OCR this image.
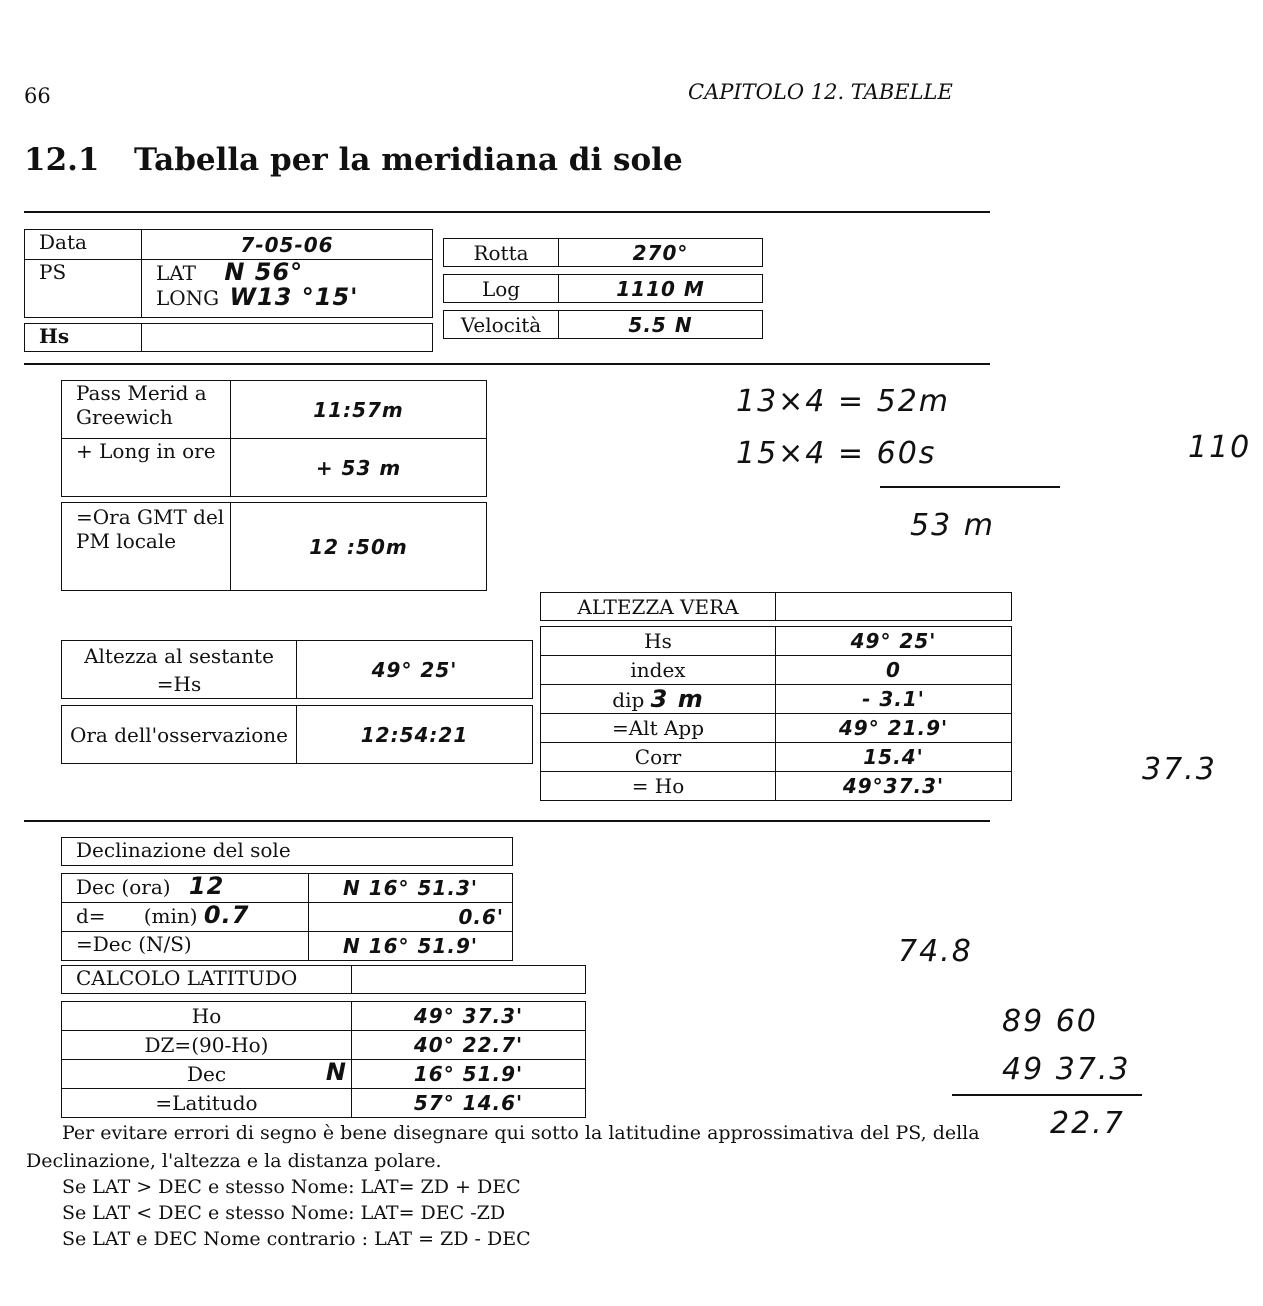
66	CAPITOLO 12. TABELLE
12.1 Tabella per la meridiana di sole
Data	7-05-06
PS	LAT N 56°
LONG W13 °15'
Hs	
Rotta	270°
Log	1110 M
Velocità	5.5 N
Pass Merid a Greewich	11:57m
+ Long in ore	+ 53 m
=Ora GMT del PM locale	12 :50m
13×4 = 52m
15×4 = 60s
53 m
110
Altezza al sestante =Hs	49° 25'
Ora dell'osservazione	12:54:21
ALTEZZA VERA	
Hs	49° 25'
index	0
dip 3 m	- 3.1'
=Alt App	49° 21.9'
Corr	15.4'
= Ho	49°37.3'	37.3
Declinazione del sole
Dec (ora) 12	N 16° 51.3'
d=      (min) 0.7	0.6'
=Dec (N/S)	N 16° 51.9'	74.8
CALCOLO LATITUDO	
Ho	49° 37.3'
DZ=(90-Ho)	40° 22.7'
Dec N	16° 51.9'
=Latitudo	57° 14.6'
89 60
49 37.3
22.7
Per evitare errori di segno è bene disegnare qui sotto la latitudine approssimativa del PS, della
Declinazione, l'altezza e la distanza polare.
Se LAT > DEC e stesso Nome: LAT= ZD + DEC
Se LAT < DEC e stesso Nome: LAT= DEC -ZD
Se LAT e DEC Nome contrario : LAT = ZD - DEC
